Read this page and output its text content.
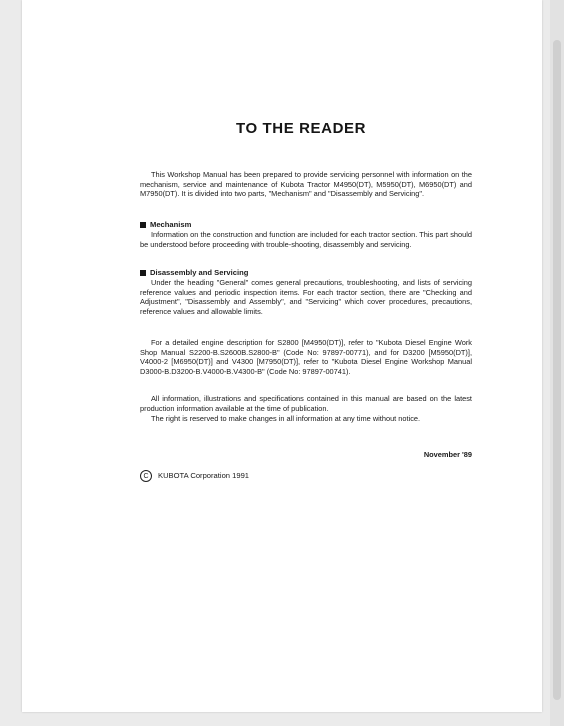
TO THE READER

This Workshop Manual has been prepared to provide servicing personnel with information on the mechanism, service and maintenance of Kubota Tractor M4950(DT), M5950(DT), M6950(DT) and M7950(DT). It is divided into two parts, "Mechanism" and "Disassembly and Servicing".

Mechanism

Information on the construction and function are included for each tractor section. This part should be understood before proceeding with trouble-shooting, disassembly and servicing.

Disassembly and Servicing

Under the heading "General" comes general precautions, troubleshooting, and lists of servicing reference values and periodic inspection items. For each tractor section, there are "Checking and Adjustment", "Disassembly and Assembly", and "Servicing" which cover procedures, precautions, reference values and allowable limits.

For a detailed engine description for S2800 [M4950(DT)], refer to "Kubota Diesel Engine Work Shop Manual S2200-B.S2600B.S2800-B" (Code No: 97897-00771), and for D3200 [M5950(DT)], V4000-2 [M6950(DT)] and V4300 [M7950(DT)], refer to "Kubota Diesel Engine Workshop Manual D3000-B.D3200-B.V4000-B.V4300-B" (Code No: 97897-00741).

All information, illustrations and specifications contained in this manual are based on the latest production information available at the time of publication.

The right is reserved to make changes in all information at any time without notice.

November '89

C	KUBOTA Corporation 1991
